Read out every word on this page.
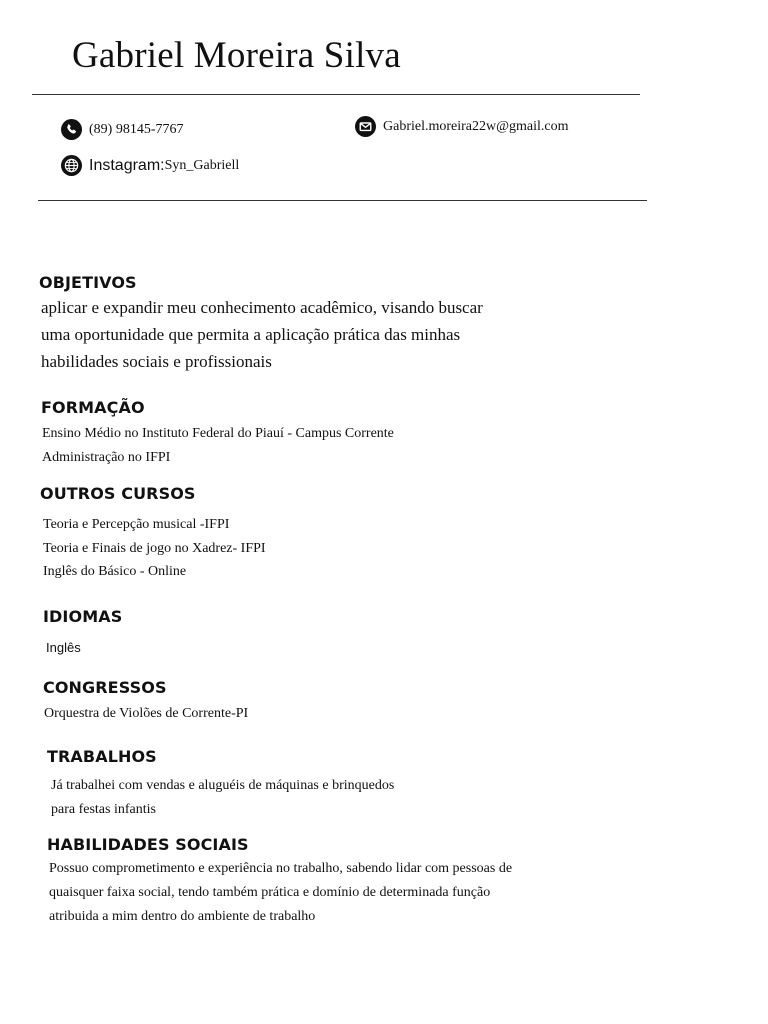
Gabriel Moreira Silva
(89) 98145-7767	Gabriel.moreira22w@gmail.com
Instagram: Syn_Gabriell
OBJETIVOS
aplicar e expandir meu conhecimento acadêmico, visando buscar
uma oportunidade que permita a aplicação prática das minhas
habilidades sociais e profissionais
FORMAÇÃO
Ensino Médio no Instituto Federal do Piauí - Campus Corrente
Administração no IFPI
OUTROS CURSOS
Teoria e Percepção musical -IFPI
Teoria e Finais de jogo no Xadrez- IFPI
Inglês do Básico - Online
IDIOMAS
Inglês
CONGRESSOS
Orquestra de Violões de Corrente-PI
TRABALHOS
Já trabalhei com vendas e aluguéis de máquinas e brinquedos
para festas infantis
HABILIDADES SOCIAIS
Possuo comprometimento e experiência no trabalho, sabendo lidar com pessoas de
quaisquer faixa social, tendo também prática e domínio de determinada função
atribuida a mim dentro do ambiente de trabalho
